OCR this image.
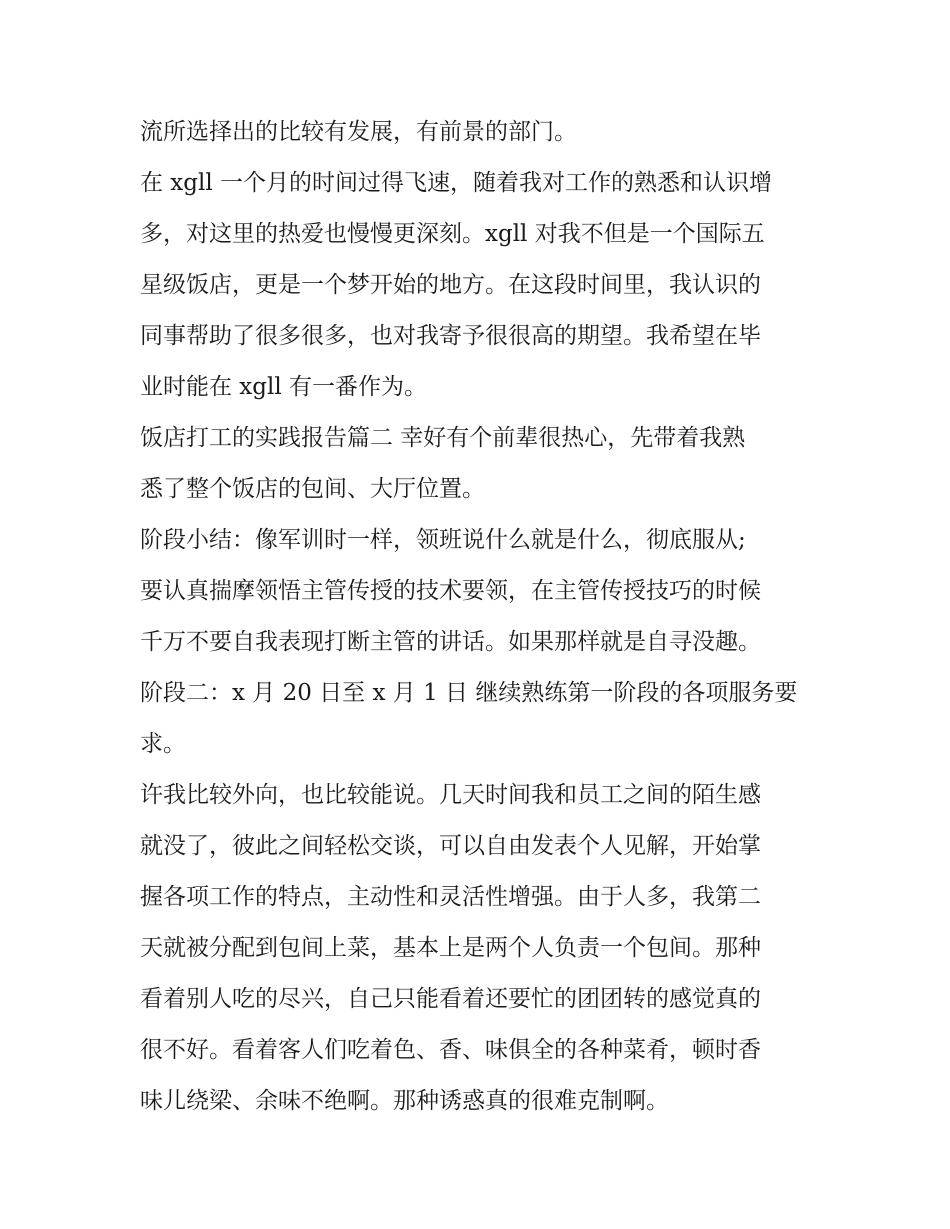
流所选择出的比较有发展，有前景的部门。
在 xgll 一个月的时间过得飞速，随着我对工作的熟悉和认识增
多，对这里的热爱也慢慢更深刻。xgll 对我不但是一个国际五
星级饭店，更是一个梦开始的地方。在这段时间里，我认识的
同事帮助了很多很多，也对我寄予很很高的期望。我希望在毕
业时能在 xgll 有一番作为。
饭店打工的实践报告篇二 幸好有个前辈很热心，先带着我熟
悉了整个饭店的包间、大厅位置。
阶段小结：像军训时一样，领班说什么就是什么，彻底服从;
要认真揣摩领悟主管传授的技术要领，在主管传授技巧的时候
千万不要自我表现打断主管的讲话。如果那样就是自寻没趣。
阶段二：x 月 20 日至 x 月 1 日 继续熟练第一阶段的各项服务要
求。
许我比较外向，也比较能说。几天时间我和员工之间的陌生感
就没了，彼此之间轻松交谈，可以自由发表个人见解，开始掌
握各项工作的特点，主动性和灵活性增强。由于人多，我第二
天就被分配到包间上菜，基本上是两个人负责一个包间。那种
看着别人吃的尽兴，自己只能看着还要忙的团团转的感觉真的
很不好。看着客人们吃着色、香、味俱全的各种菜肴，顿时香
味儿绕梁、余味不绝啊。那种诱惑真的很难克制啊。
